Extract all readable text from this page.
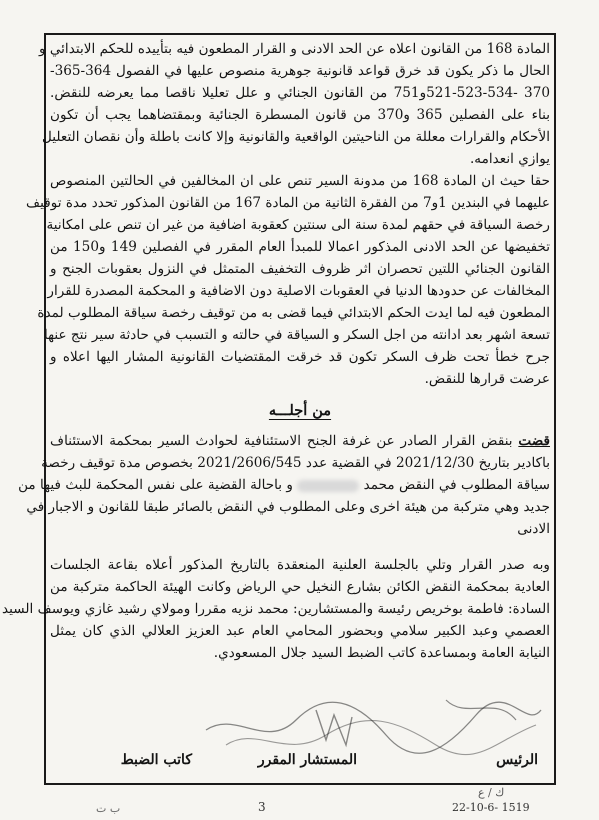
المادة 168 من القانون اعلاه عن الحد الادنى و القرار المطعون فيه بتأييده للحكم الابتدائي و
الحال ما ذكر يكون قد خرق قواعد قانونية جوهرية منصوص عليها في الفصول 364-365-
370 -521-523-534و751 من القانون الجنائي و علل تعليلا ناقصا مما يعرضه للنقض.
بناء على الفصلين 365 و370 من قانون المسطرة الجنائية وبمقتضاهما يجب أن تكون
الأحكام والقرارات معللة من الناحيتين الواقعية والقانونية وإلا كانت باطلة وأن نقصان التعليل
يوازي انعدامه.
حقا حيث ان المادة 168 من مدونة السير تنص على ان المخالفين في الحالتين المنصوص
عليهما في البندين 1و7 من الفقرة الثانية من المادة 167 من القانون المذكور تحدد مدة توقيف
رخصة السياقة في حقهم لمدة سنة الى سنتين كعقوبة اضافية من غير ان تنص على امكانية
تخفيضها عن الحد الادنى المذكور اعمالا للمبدأ العام المقرر في الفصلين 149 و150 من
القانون الجنائي اللتين تحصران اثر ظروف التخفيف المتمثل في النزول بعقوبات الجنح و
المخالفات عن حدودها الدنيا في العقوبات الاصلية دون الاضافية و المحكمة المصدرة للقرار
المطعون فيه لما ايدت الحكم الابتدائي فيما قضى به من توقيف رخصة سياقة المطلوب لمدة
تسعة اشهر بعد ادانته من اجل السكر و السياقة في حالته و التسبب في حادثة سير نتج عنها
جرح خطأ تحت ظرف السكر تكون قد خرقت المقتضيات القانونية المشار اليها اعلاه و
عرضت قرارها للنقض.
من أجلـــه
قضت بنقض القرار الصادر عن غرفة الجنح الاستئنافية لحوادث السير بمحكمة الاستئناف
باكادير بتاريخ 2021/12/30 في القضية عدد 2021/2606/545 بخصوص مدة توقيف رخصة
سياقة المطلوب في النقض محمد  و باحالة القضية على نفس المحكمة للبث فيها من
جديد وهي متركبة من هيئة اخرى وعلى المطلوب في النقض بالصائر طبقا للقانون و الاجبار في
الادنى
وبه صدر القرار وتلي بالجلسة العلنية المنعقدة بالتاريخ المذكور أعلاه بقاعة الجلسات
العادية بمحكمة النقض الكائن بشارع النخيل حي الرياض وكانت الهيئة الحاكمة متركبة من
السادة: فاطمة بوخريص رئيسة والمستشارين: محمد نزيه مقررا ومولاي رشيد غازي ويوسف السيد
العصمي وعبد الكبير سلامي وبحضور المحامي العام عبد العزيز العلالي الذي كان يمثل
النيابة العامة وبمساعدة كاتب الضبط السيد جلال المسعودي.
الرئيس
المستشار المقرر
كاتب الضبط
ك / ع
ب ت	3	22-10-6- 1519
